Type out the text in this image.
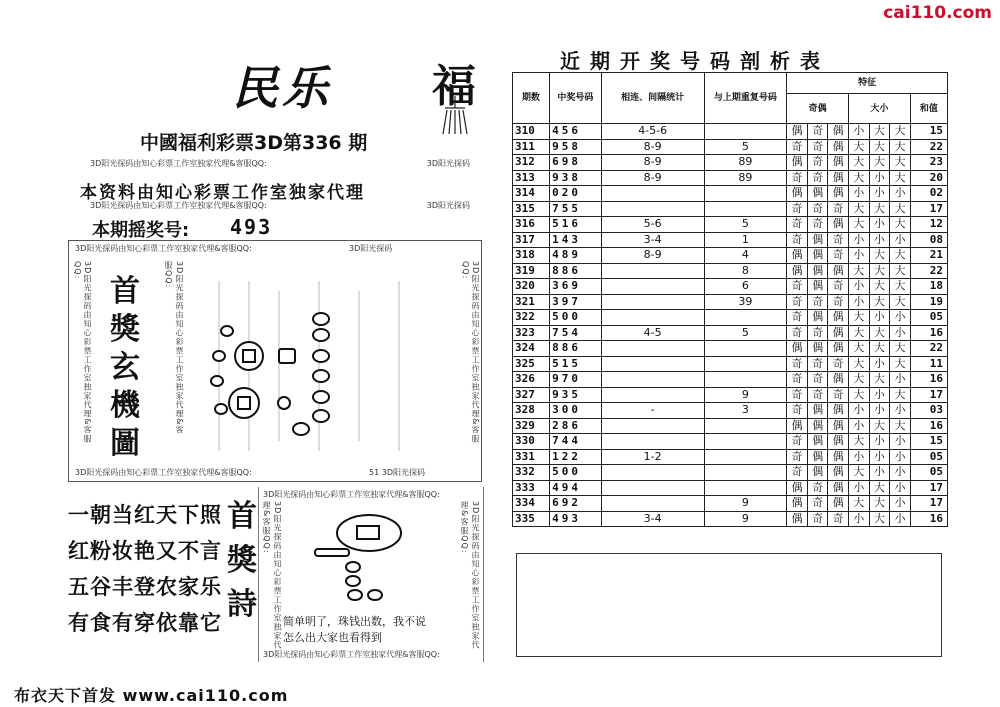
cai110.com
民乐 福
中國福利彩票3D第336 期
3D阳光探码由知心彩票工作室独家代理&客服QQ:	3D阳光探码
本资料由知心彩票工作室独家代理
3D阳光探码由知心彩票工作室独家代理&客服QQ:	3D阳光探码
本期摇奖号: 493
3D阳光探码由知心彩票工作室独家代理&客服QQ:	3D阳光探码
3D阳光探码由知心彩票工作室独家代理&客服QQ:	3D阳光探码由知心彩票工作室独家代理&客服QQ:	3D阳光探码由知心彩票工作室独家代理&客服QQ:
首
獎
玄
機
圖
3D阳光探码由知心彩票工作室独家代理&客服QQ:	51 3D阳光探码
一朝当红天下照
红粉妆艳又不言
五谷丰登农家乐
有食有穿依靠它
首
獎
詩
3D阳光探码由知心彩票工作室独家代理&客服QQ:
3D阳光探码由知心彩票工作室独家代理&客服QQ:	3D阳光探码由知心彩票工作室独家代理&客服QQ:
简单明了，珠钱出数，我不说
怎么出大家也看得到
3D阳光探码由知心彩票工作室独家代理&客服QQ:
近期开奖号码剖析表
期数	中奖号码	相连、间隔统计	与上期重复号码	特征						
				奇偶			大小			和值
310	456	4-5-6		偶	奇	偶	小	大	大	15
311	958	8-9	5	奇	奇	偶	大	大	大	22
312	698	8-9	89	偶	奇	偶	大	大	大	23
313	938	8-9	89	奇	奇	偶	大	小	大	20
314	020			偶	偶	偶	小	小	小	02
315	755			奇	奇	奇	大	大	大	17
316	516	5-6	5	奇	奇	偶	大	小	大	12
317	143	3-4	1	奇	偶	奇	小	小	小	08
318	489	8-9	4	偶	偶	奇	小	大	大	21
319	886		8	偶	偶	偶	大	大	大	22
320	369		6	奇	偶	奇	小	大	大	18
321	397		39	奇	奇	奇	小	大	大	19
322	500			奇	偶	偶	大	小	小	05
323	754	4-5	5	奇	奇	偶	大	大	小	16
324	886			偶	偶	偶	大	大	大	22
325	515			奇	奇	奇	大	小	大	11
326	970			奇	奇	偶	大	大	小	16
327	935		9	奇	奇	奇	大	小	大	17
328	300	-	3	奇	偶	偶	小	小	小	03
329	286			偶	偶	偶	小	大	大	16
330	744			奇	偶	偶	大	小	小	15
331	122	1-2		奇	偶	偶	小	小	小	05
332	500			奇	偶	偶	大	小	小	05
333	494			偶	奇	偶	小	大	小	17
334	692		9	偶	奇	偶	大	大	小	17
335	493	3-4	9	偶	奇	奇	小	大	小	16
布衣天下首发 www.cai110.com
